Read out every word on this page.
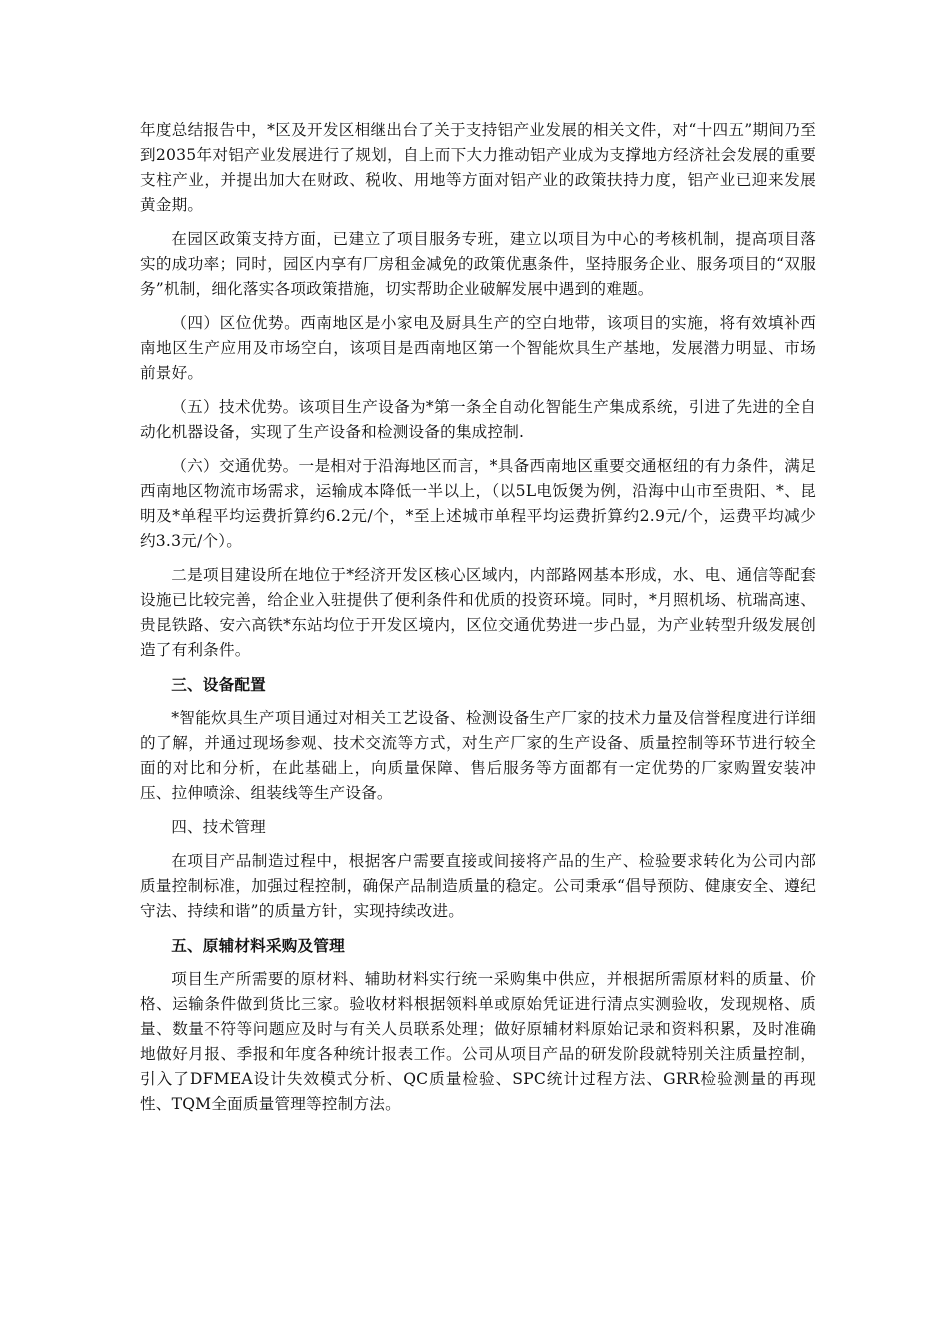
年度总结报告中，*区及开发区相继出台了关于支持铝产业发展的相关文件，对“十四五”期间乃至到2035年对铝产业发展进行了规划，自上而下大力推动铝产业成为支撑地方经济社会发展的重要支柱产业，并提出加大在财政、税收、用地等方面对铝产业的政策扶持力度，铝产业已迎来发展黄金期。

在园区政策支持方面，已建立了项目服务专班，建立以项目为中心的考核机制，提高项目落实的成功率；同时，园区内享有厂房租金减免的政策优惠条件，坚持服务企业、服务项目的“双服务”机制，细化落实各项政策措施，切实帮助企业破解发展中遇到的难题。

（四）区位优势。西南地区是小家电及厨具生产的空白地带，该项目的实施，将有效填补西南地区生产应用及市场空白，该项目是西南地区第一个智能炊具生产基地，发展潜力明显、市场前景好。

（五）技术优势。该项目生产设备为*第一条全自动化智能生产集成系统，引进了先进的全自动化机器设备，实现了生产设备和检测设备的集成控制.

（六）交通优势。一是相对于沿海地区而言，*具备西南地区重要交通枢纽的有力条件，满足西南地区物流市场需求，运输成本降低一半以上，（以5L电饭煲为例，沿海中山市至贵阳、*、昆明及*单程平均运费折算约6.2元/个，*至上述城市单程平均运费折算约2.9元/个，运费平均减少约3.3元/个）。

二是项目建设所在地位于*经济开发区核心区域内，内部路网基本形成，水、电、通信等配套设施已比较完善，给企业入驻提供了便利条件和优质的投资环境。同时，*月照机场、杭瑞高速、贵昆铁路、安六高铁*东站均位于开发区境内，区位交通优势进一步凸显，为产业转型升级发展创造了有利条件。

三、设备配置

*智能炊具生产项目通过对相关工艺设备、检测设备生产厂家的技术力量及信誉程度进行详细的了解，并通过现场参观、技术交流等方式，对生产厂家的生产设备、质量控制等环节进行较全面的对比和分析，在此基础上，向质量保障、售后服务等方面都有一定优势的厂家购置安装冲压、拉伸喷涂、组装线等生产设备。

四、技术管理

在项目产品制造过程中，根据客户需要直接或间接将产品的生产、检验要求转化为公司内部质量控制标准，加强过程控制，确保产品制造质量的稳定。公司秉承“倡导预防、健康安全、遵纪守法、持续和谐”的质量方针，实现持续改进。

五、原辅材料采购及管理

项目生产所需要的原材料、辅助材料实行统一采购集中供应，并根据所需原材料的质量、价格、运输条件做到货比三家。验收材料根据领料单或原始凭证进行清点实测验收，发现规格、质量、数量不符等问题应及时与有关人员联系处理；做好原辅材料原始记录和资料积累，及时准确地做好月报、季报和年度各种统计报表工作。公司从项目产品的研发阶段就特别关注质量控制，引入了DFMEA设计失效模式分析、QC质量检验、SPC统计过程方法、GRR检验测量的再现性、TQM全面质量管理等控制方法。
